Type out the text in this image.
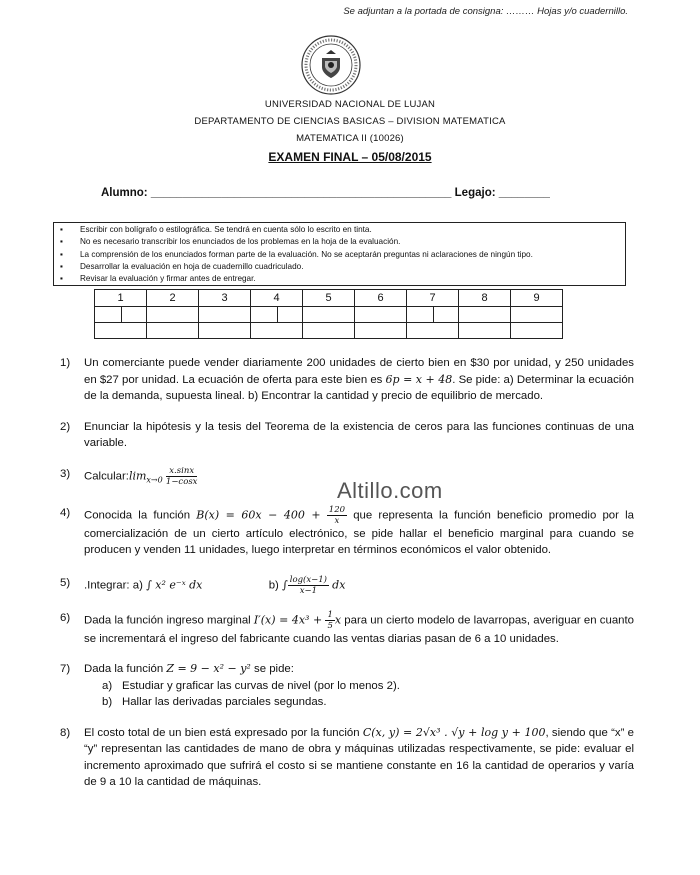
Se adjuntan a la portada de consigna: ……… Hojas y/o cuadernillo.
UNIVERSIDAD NACIONAL DE LUJAN
DEPARTAMENTO DE CIENCIAS BASICAS – DIVISION MATEMATICA
MATEMATICA II (10026)
EXAMEN FINAL – 05/08/2015
Alumno: _______________________________________________ Legajo: ________
▪	Escribir con bolígrafo o estilográfica. Se tendrá en cuenta sólo lo escrito en tinta.
▪	No es necesario transcribir los enunciados de los problemas en la hoja de la evaluación.
▪	La comprensión de los enunciados forman parte de la evaluación. No se aceptarán preguntas ni aclaraciones de ningún tipo.
▪	Desarrollar la evaluación en hoja de cuadernillo cuadriculado.
▪	Revisar la evaluación y firmar antes de entregar.
1	2	3	4	5	6	7	8	9

Altillo.com
1)	Un comerciante puede vender diariamente 200 unidades de cierto bien en $30 por unidad, y 250 unidades en $27 por unidad. La ecuación de oferta para este bien es 6p = x + 48. Se pide: a) Determinar la ecuación de la demanda, supuesta lineal. b) Encontrar la cantidad y precio de equilibrio de mercado.
2)	Enunciar la hipótesis y la tesis del Teorema de la existencia de ceros para las funciones continuas de una variable.
3)	$Calcular:\lim_{x\to 0} \frac{x.\sin x}{1-\cos x}$
4)	Conocida la función $B(x) = 60x - 400 + \frac{120}{x}$ que representa la función beneficio promedio por la comercialización de un cierto artículo electrónico, se pide hallar el beneficio marginal para cuando se producen y venden 11 unidades, luego interpretar en términos económicos el valor obtenido.
5)	.Integrar: a) ∫ x² e⁻ˣ dx	b) ∫ $\frac{\log(x-1)}{x-1}$ dx
6)	Dada la función ingreso marginal $I'(x) = 4x^3 + \frac{1}{5}$ x para un cierto modelo de lavarropas, averiguar en cuanto se incrementará el ingreso del fabricante cuando las ventas diarias pasan de 6 a 10 unidades.
7)	Dada la función Z = 9 − x² − y² se pide:
a) Estudiar y graficar las curvas de nivel (por lo menos 2).
b) Hallar las derivadas parciales segundas.
8)	El costo total de un bien está expresado por la función C(x, y) = 2√x³ . √y + log y + 100, siendo que “x” e “y” representan las cantidades de mano de obra y máquinas utilizadas respectivamente, se pide: evaluar el incremento aproximado que sufrirá el costo si se mantiene constante en 16 la cantidad de operarios y varía de 9 a 10 la cantidad de máquinas.
